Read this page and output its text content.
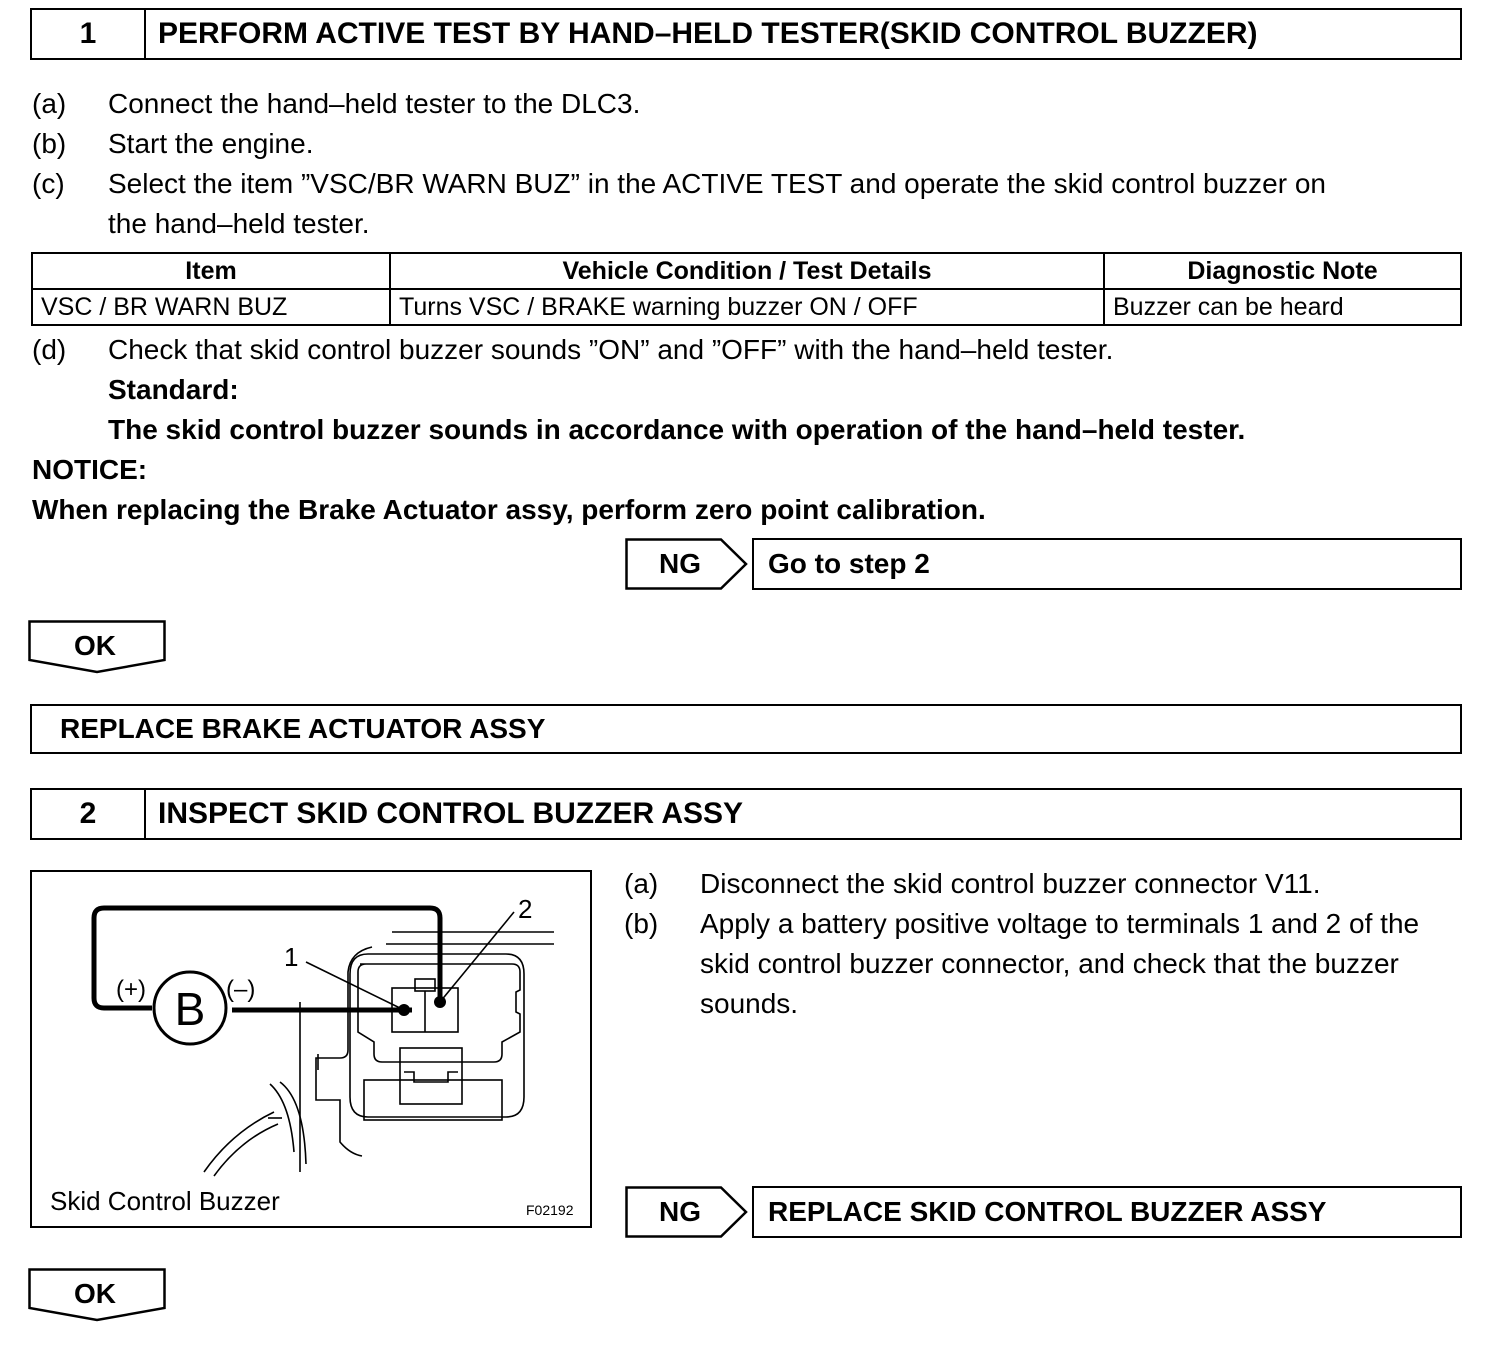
1	PERFORM ACTIVE TEST BY HAND–HELD TESTER(SKID CONTROL BUZZER)
(a) Connect the hand–held tester to the DLC3.
(b) Start the engine.
(c) Select the item ”VSC/BR WARN BUZ” in the ACTIVE TEST and operate the skid control buzzer on
the hand–held tester.
Item	Vehicle Condition / Test Details	Diagnostic Note
VSC / BR WARN BUZ	Turns VSC / BRAKE warning buzzer ON / OFF	Buzzer can be heard
(d) Check that skid control buzzer sounds ”ON” and ”OFF” with the hand–held tester.
Standard:
The skid control buzzer sounds in accordance with operation of the hand–held tester.
NOTICE:
When replacing the Brake Actuator assy, perform zero point calibration.
NG	Go to step 2
OK
REPLACE BRAKE ACTUATOR ASSY
2	INSPECT SKID CONTROL BUZZER ASSY
B
(+)	(–)
1
2
Skid Control Buzzer	F02192
(a) Disconnect the skid control buzzer connector V11.
(b) Apply a battery positive voltage to terminals 1 and 2 of the
skid control buzzer connector, and check that the buzzer
sounds.
NG	REPLACE SKID CONTROL BUZZER ASSY
OK
